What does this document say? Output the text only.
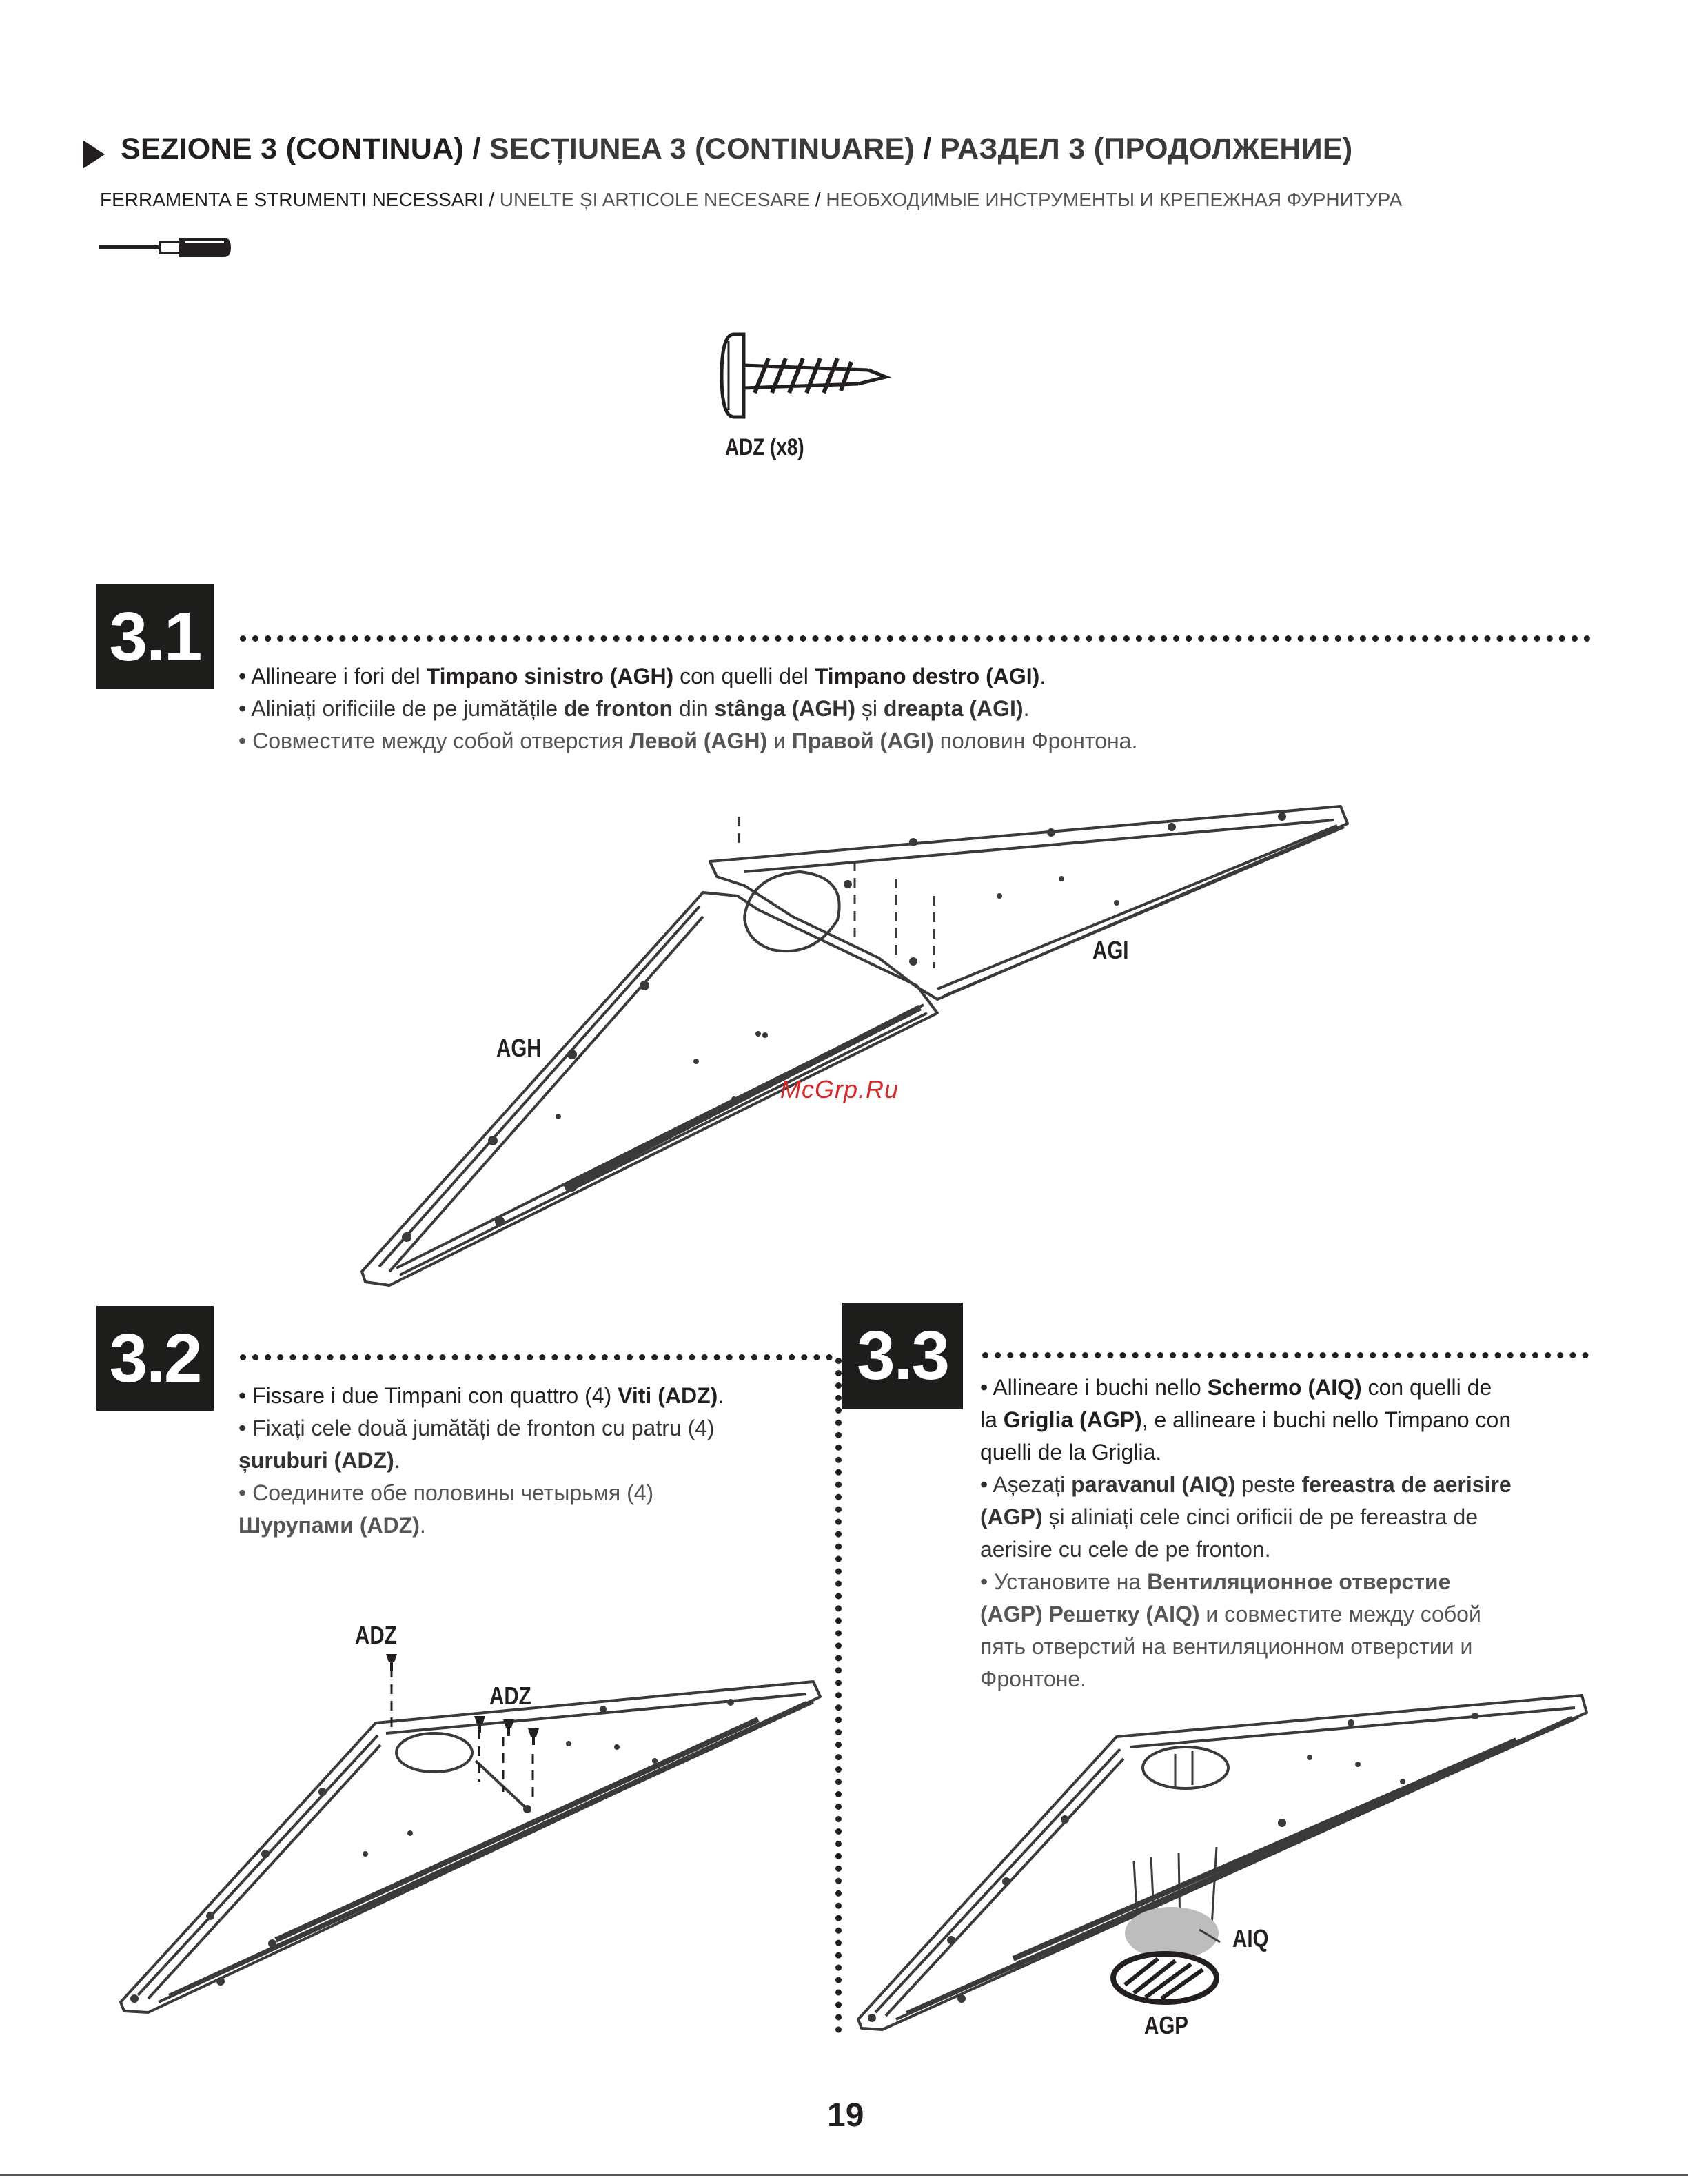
SEZIONE 3 (CONTINUA) / SECȚIUNEA 3 (CONTINUARE) / РАЗДЕЛ 3 (ПРОДОЛЖЕНИЕ)
FERRAMENTA E STRUMENTI NECESSARI / UNELTE ȘI ARTICOLE NECESARE / НЕОБХОДИМЫЕ ИНСТРУМЕНТЫ И КРЕПЕЖНАЯ ФУРНИТУРА
ADZ (x8)
3.1

• Allineare i fori del Timpano sinistro (AGH) con quelli del Timpano destro (AGI).

• Aliniați orificiile de pe jumătățile de fronton din stânga (AGH) și dreapta (AGI).

• Совместите между собой отверстия Левой (AGH) и Правой (AGI) половин Фронтона.

AGH
AGI
McGrp.Ru
3.2 • Fissare i due Timpani con quattro (4) Viti (ADZ).

• Fixați cele două jumătăți de fronton cu patru (4)

șuruburi (ADZ).

• Соедините обе половины четырьмя (4)

Шурупами (ADZ).

ADZ
ADZ
3.3 • Allineare i buchi nello Schermo (AIQ) con quelli de

la Griglia (AGP), e allineare i buchi nello Timpano con

quelli de la Griglia.

• Așezați paravanul (AIQ) peste fereastra de aerisire

(AGP) și aliniați cele cinci orificii de pe fereastra de

aerisire cu cele de pe fronton.

• Установите на Вентиляционное отверстие

(AGP) Решетку (AIQ) и совместите между собой

пять отверстий на вентиляционном отверстии и

Фронтоне.

AIQ
AGP
19
